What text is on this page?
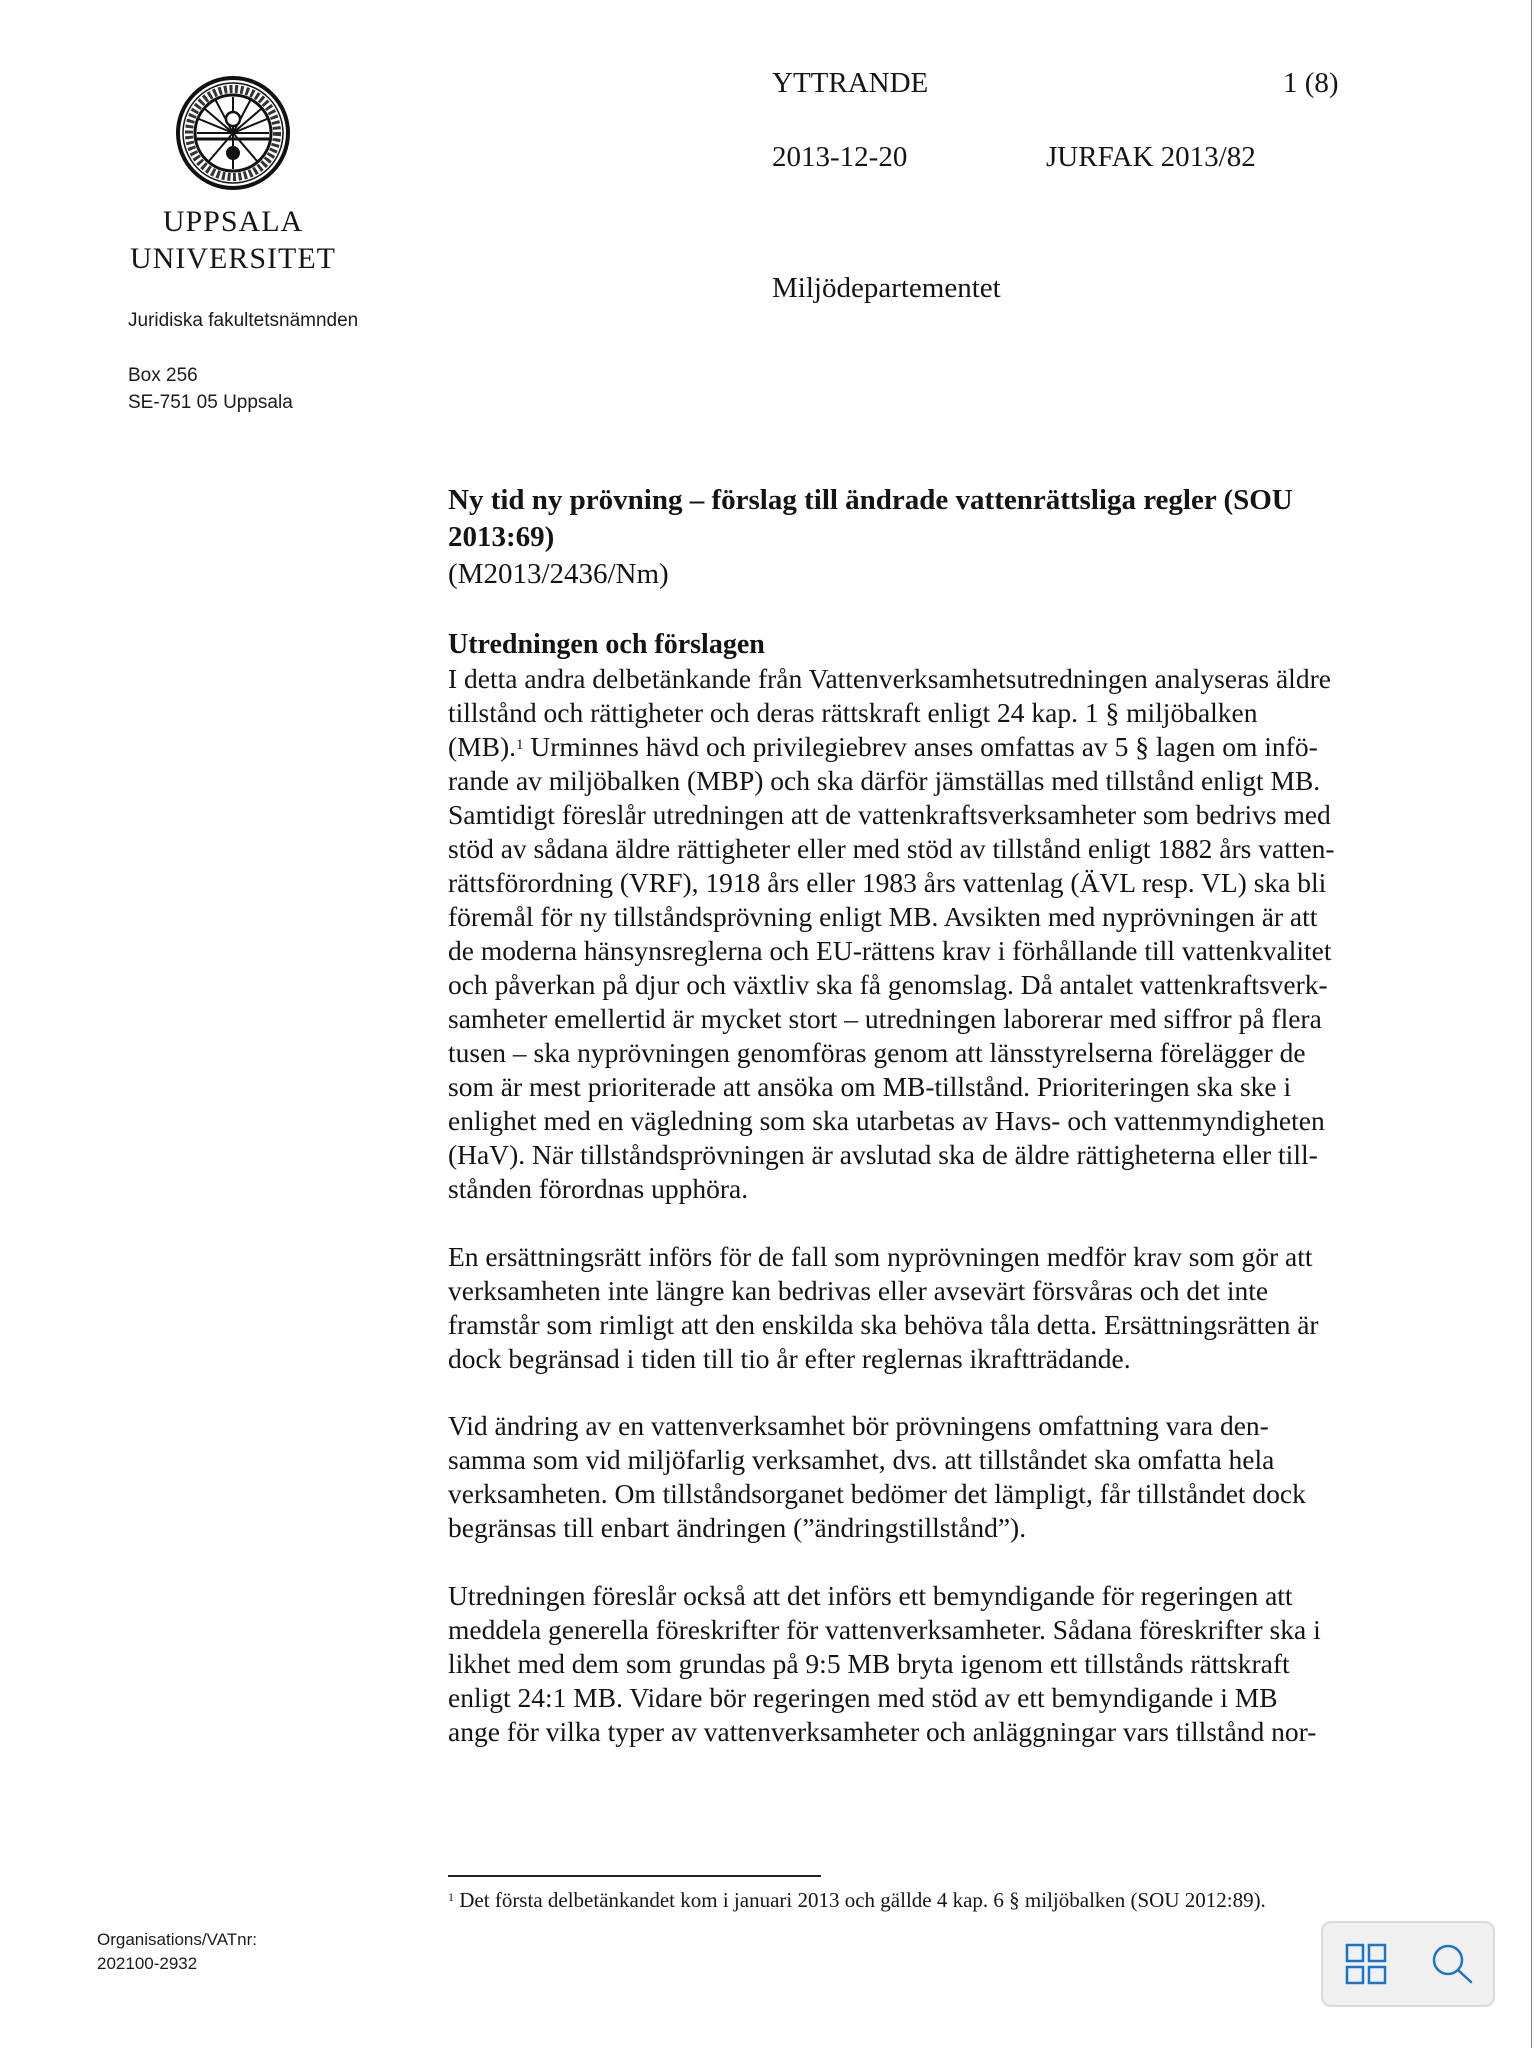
UPPSALA
UNIVERSITET
Juridiska fakultetsnämnden
Box 256
SE-751 05 Uppsala
YTTRANDE	1 (8)
2013-12-20	JURFAK 2013/82
Miljödepartementet

Ny tid ny prövning – förslag till ändrade vattenrättsliga regler (SOU
2013:69)

(M2013/2436/Nm)

Utredningen och förslagen

I detta andra delbetänkande från Vattenverksamhetsutredningen analyseras äldre
tillstånd och rättigheter och deras rättskraft enligt 24 kap. 1 § miljöbalken
(MB).$^1$ Urminnes hävd och privilegiebrev anses omfattas av 5 § lagen om infö-
rande av miljöbalken (MBP) och ska därför jämställas med tillstånd enligt MB.
Samtidigt föreslår utredningen att de vattenkraftsverksamheter som bedrivs med
stöd av sådana äldre rättigheter eller med stöd av tillstånd enligt 1882 års vatten-
rättsförordning (VRF), 1918 års eller 1983 års vattenlag (ÄVL resp. VL) ska bli
föremål för ny tillståndsprövning enligt MB. Avsikten med nyprövningen är att
de moderna hänsynsreglerna och EU-rättens krav i förhållande till vattenkvalitet
och påverkan på djur och växtliv ska få genomslag. Då antalet vattenkraftsverk-
samheter emellertid är mycket stort – utredningen laborerar med siffror på flera
tusen – ska nyprövningen genomföras genom att länsstyrelserna förelägger de
som är mest prioriterade att ansöka om MB-tillstånd. Prioriteringen ska ske i
enlighet med en vägledning som ska utarbetas av Havs- och vattenmyndigheten
(HaV). När tillståndsprövningen är avslutad ska de äldre rättigheterna eller till-
stånden förordnas upphöra.

En ersättningsrätt införs för de fall som nyprövningen medför krav som gör att
verksamheten inte längre kan bedrivas eller avsevärt försvåras och det inte
framstår som rimligt att den enskilda ska behöva tåla detta. Ersättningsrätten är
dock begränsad i tiden till tio år efter reglernas ikraftträdande.

Vid ändring av en vattenverksamhet bör prövningens omfattning vara den-
samma som vid miljöfarlig verksamhet, dvs. att tillståndet ska omfatta hela
verksamheten. Om tillståndsorganet bedömer det lämpligt, får tillståndet dock
begränsas till enbart ändringen (”ändringstillstånd”).

Utredningen föreslår också att det införs ett bemyndigande för regeringen att
meddela generella föreskrifter för vattenverksamheter. Sådana föreskrifter ska i
likhet med dem som grundas på 9:5 MB bryta igenom ett tillstånds rättskraft
enligt 24:1 MB. Vidare bör regeringen med stöd av ett bemyndigande i MB
ange för vilka typer av vattenverksamheter och anläggningar vars tillstånd nor-

$^1$ Det första delbetänkandet kom i januari 2013 och gällde 4 kap. 6 § miljöbalken (SOU 2012:89).
Organisations/VATnr:
202100-2932
